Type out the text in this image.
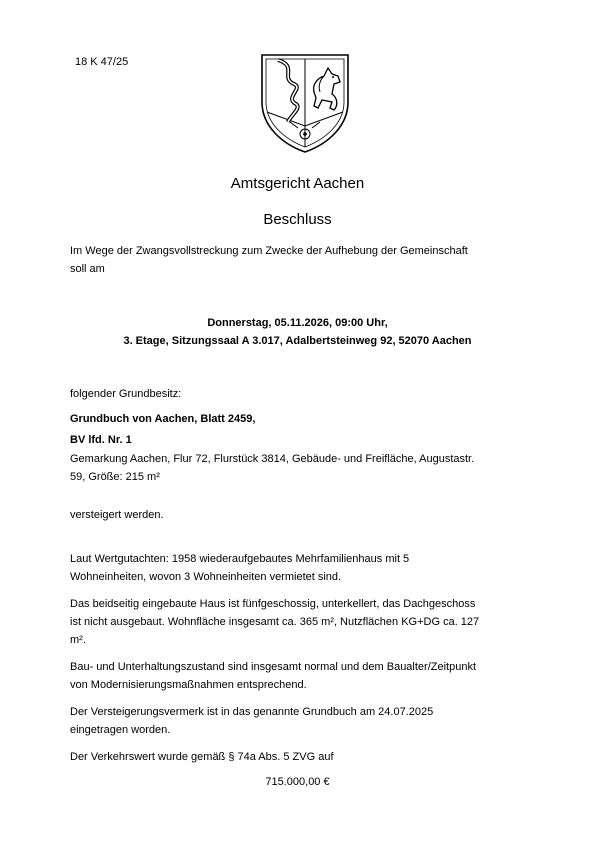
18 K 47/25
Amtsgericht Aachen
Beschluss
Im Wege der Zwangsvollstreckung zum Zwecke der Aufhebung der Gemeinschaft
soll am
Donnerstag, 05.11.2026, 09:00 Uhr,
3. Etage, Sitzungssaal A 3.017, Adalbertsteinweg 92, 52070 Aachen
folgender Grundbesitz:
Grundbuch von Aachen, Blatt 2459,
BV lfd. Nr. 1
Gemarkung Aachen, Flur 72, Flurstück 3814, Gebäude- und Freifläche, Augustastr.
59, Größe: 215 m²
versteigert werden.
Laut Wertgutachten: 1958 wiederaufgebautes Mehrfamilienhaus mit 5
Wohneinheiten, wovon 3 Wohneinheiten vermietet sind.
Das beidseitig eingebaute Haus ist fünfgeschossig, unterkellert, das Dachgeschoss
ist nicht ausgebaut. Wohnfläche insgesamt ca. 365 m², Nutzflächen KG+DG ca. 127
m².
Bau- und Unterhaltungszustand sind insgesamt normal und dem Baualter/Zeitpunkt
von Modernisierungsmaßnahmen entsprechend.
Der Versteigerungsvermerk ist in das genannte Grundbuch am 24.07.2025
eingetragen worden.
Der Verkehrswert wurde gemäß § 74a Abs. 5 ZVG auf
715.000,00 €
